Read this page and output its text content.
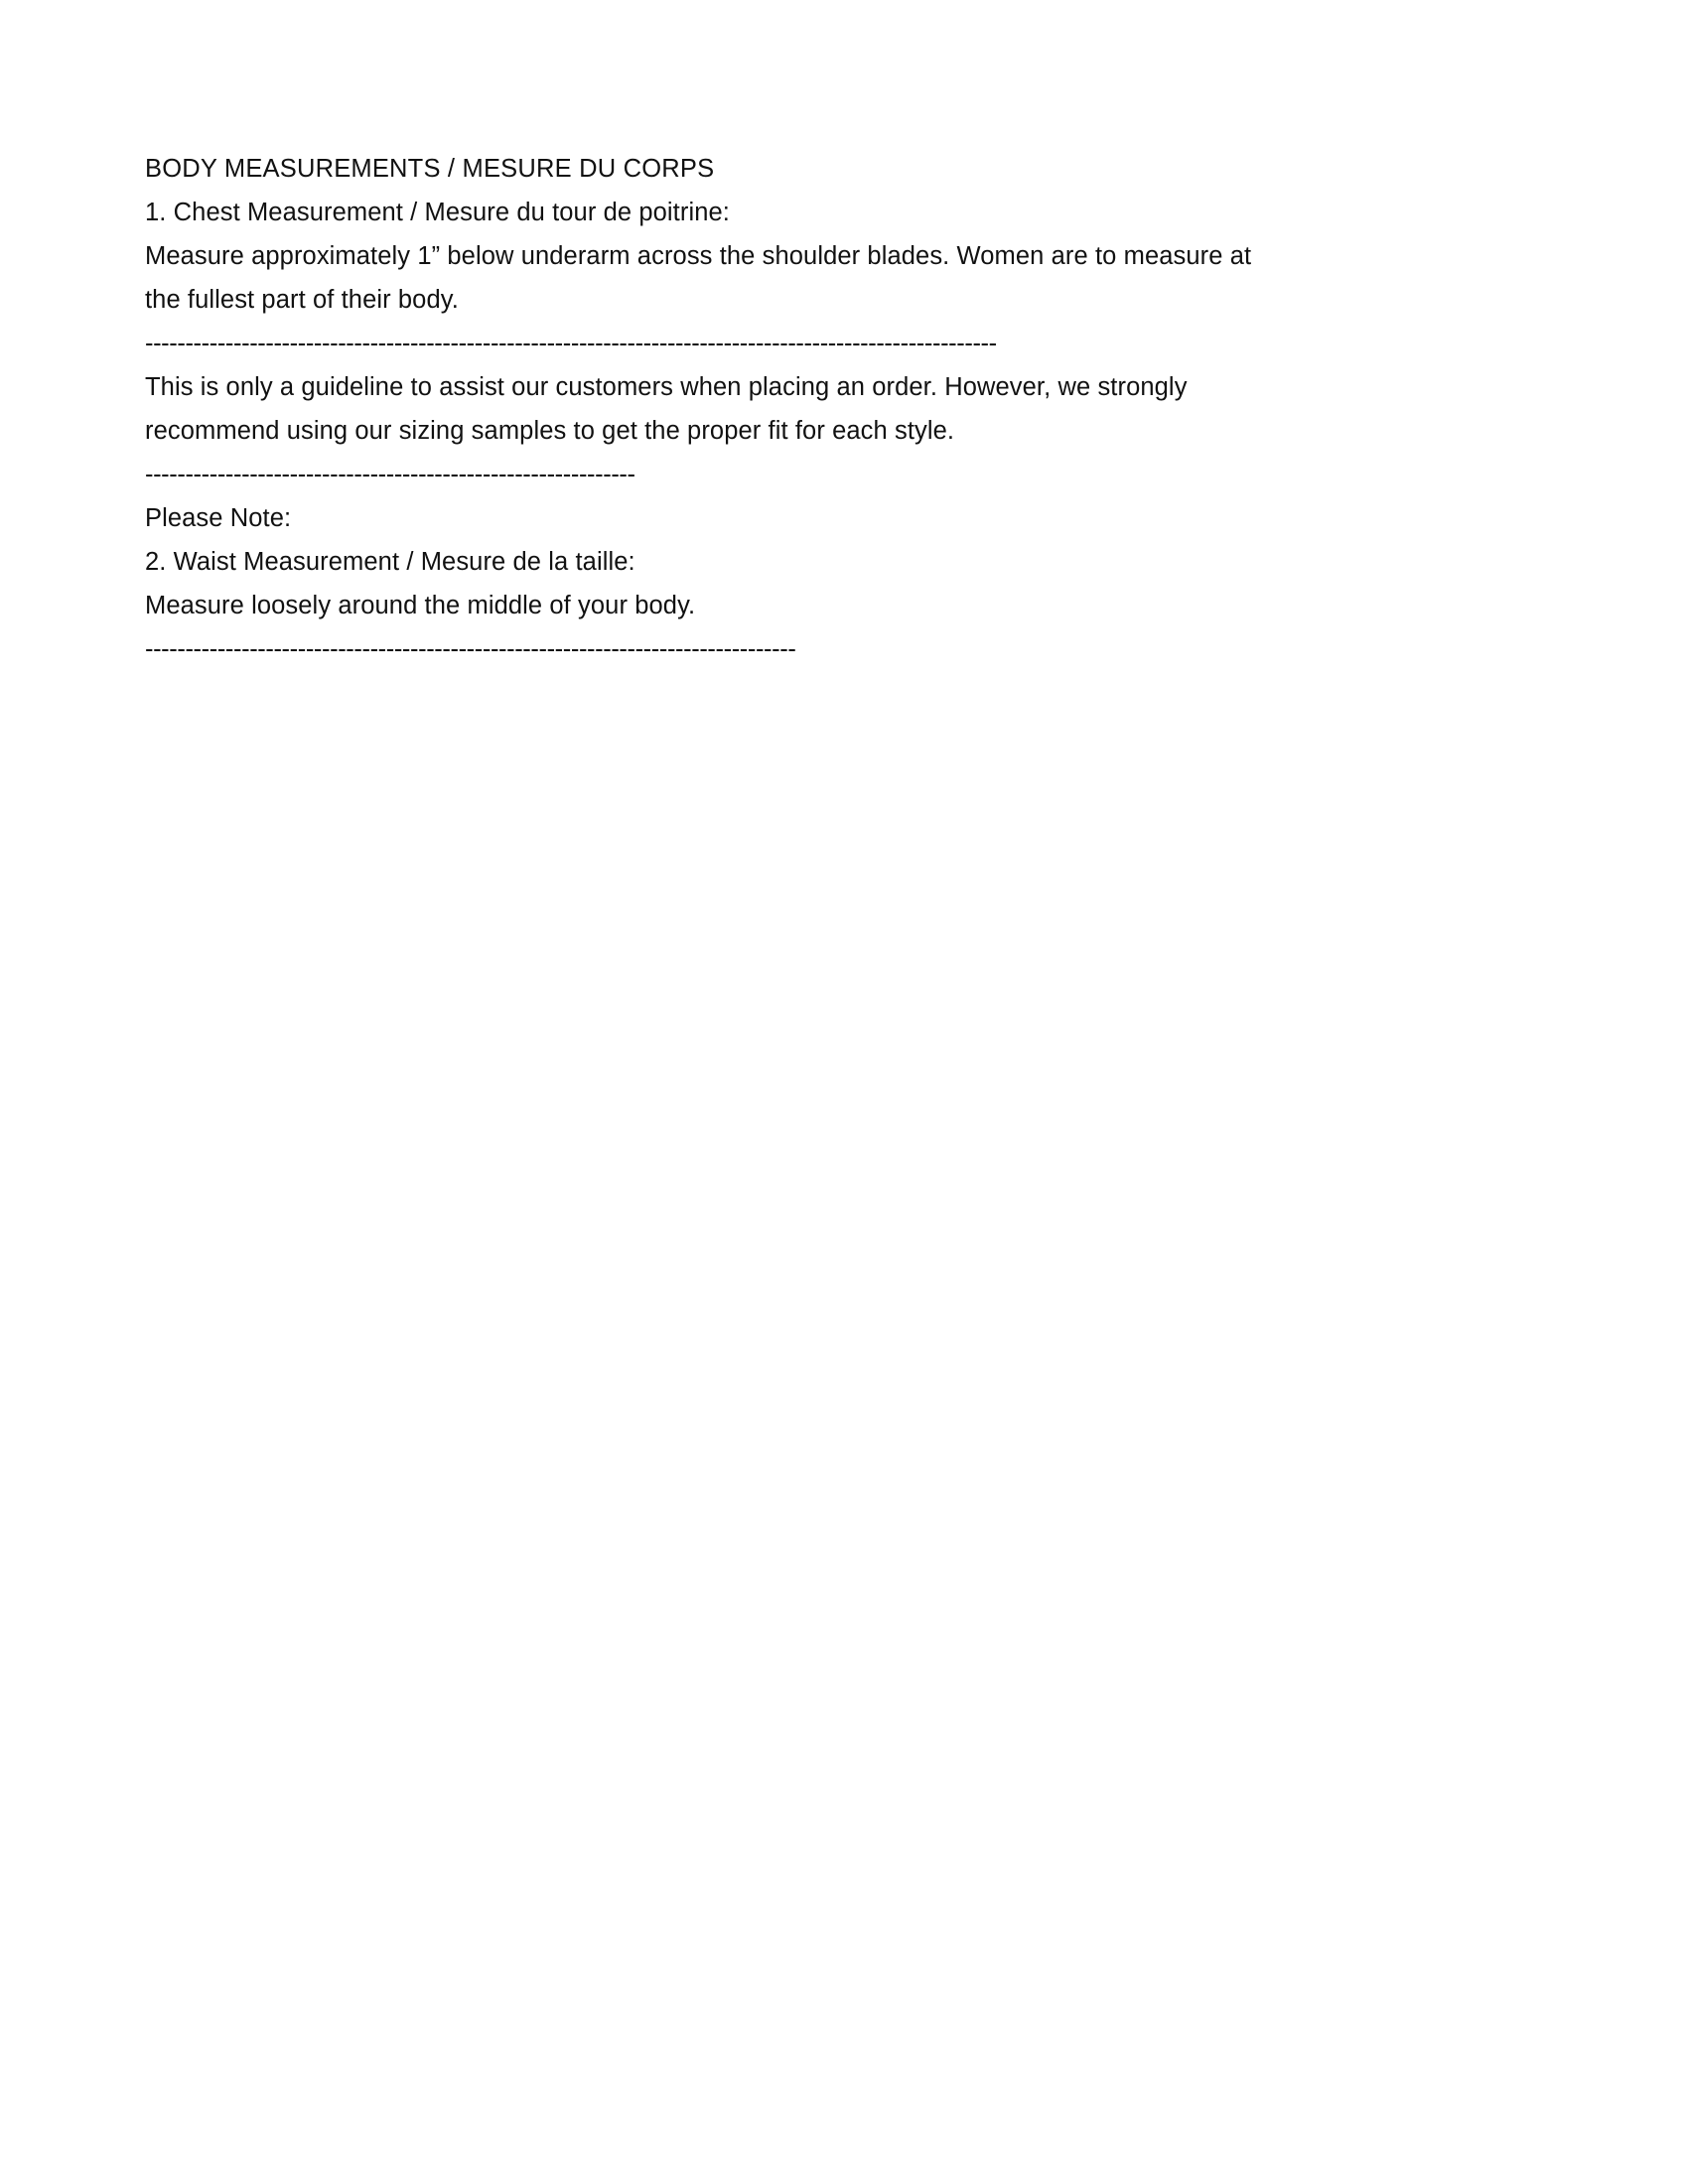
BODY MEASUREMENTS / MESURE DU CORPS
1. Chest Measurement / Mesure du tour de poitrine:
Measure approximately 1” below underarm across the shoulder blades. Women are to measure at the fullest part of their body.
----------------------------------------------------------------------------------------------------------
This is only a guideline to assist our customers when placing an order. However, we strongly recommend using our sizing samples to get the proper fit for each style.
-------------------------------------------------------------
Please Note:
2. Waist Measurement / Mesure de la taille:
Measure loosely around the middle of your body.
---------------------------------------------------------------------------------
